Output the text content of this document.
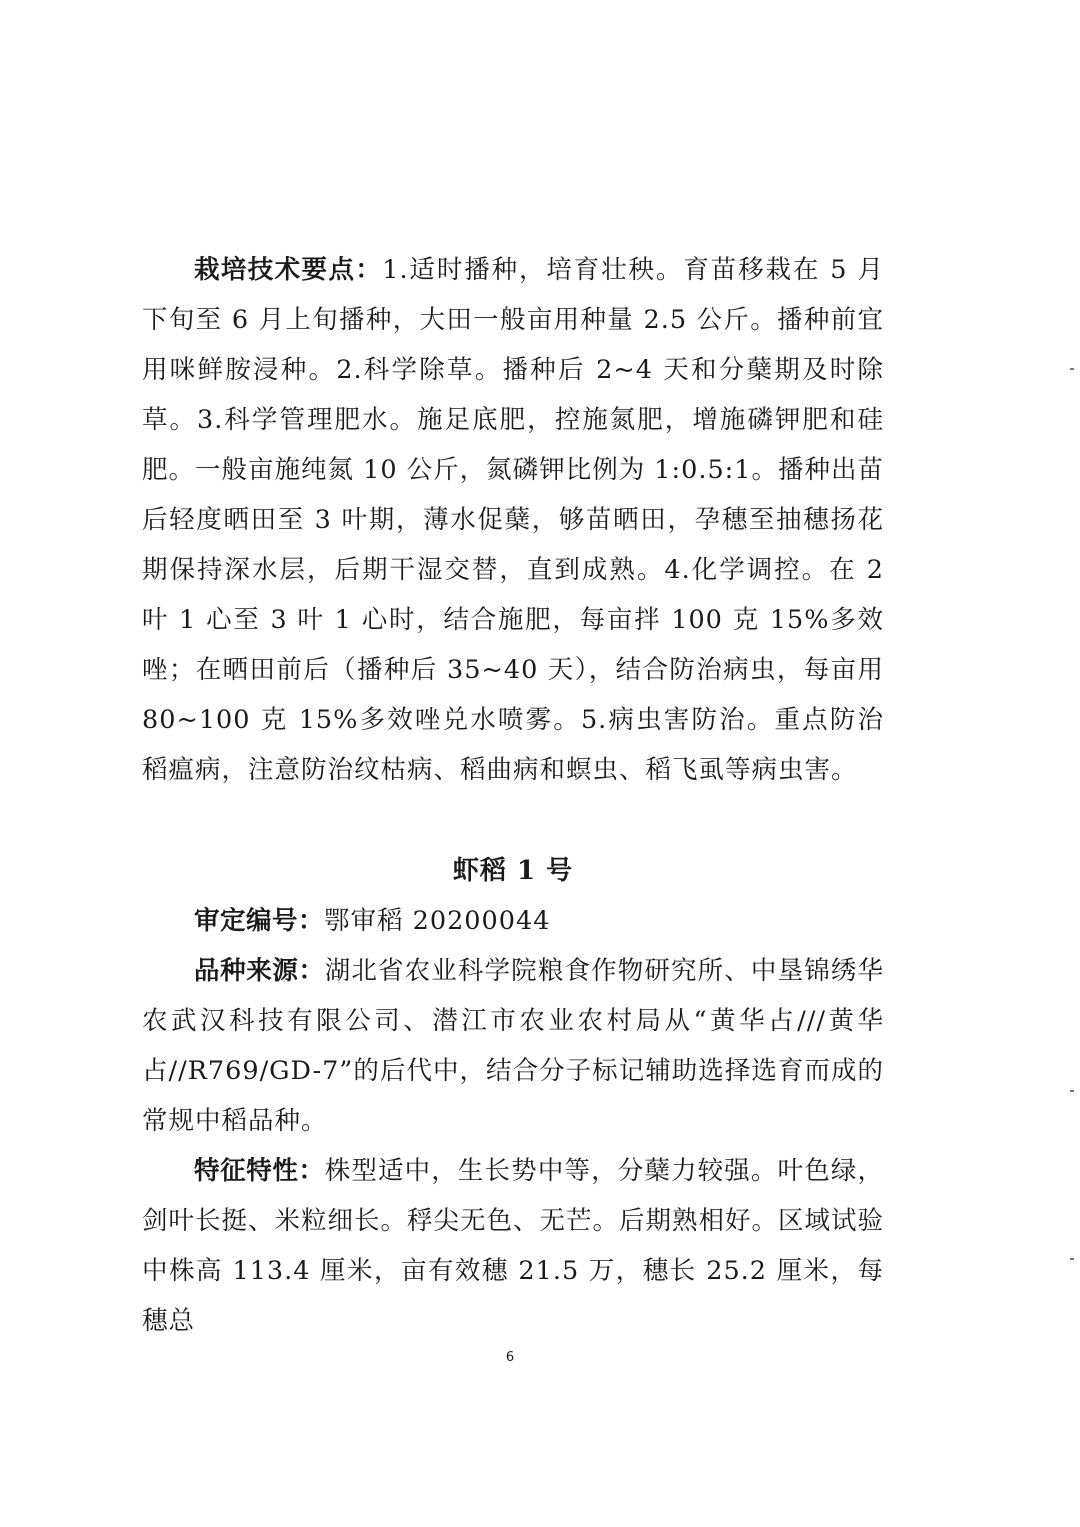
栽培技术要点：1.适时播种，培育壮秧。育苗移栽在 5 月下旬至 6 月上旬播种，大田一般亩用种量 2.5 公斤。播种前宜用咪鲜胺浸种。2.科学除草。播种后 2~4 天和分蘖期及时除草。3.科学管理肥水。施足底肥，控施氮肥，增施磷钾肥和硅肥。一般亩施纯氮 10 公斤，氮磷钾比例为 1:0.5:1。播种出苗后轻度晒田至 3 叶期，薄水促蘖，够苗晒田，孕穗至抽穗扬花期保持深水层，后期干湿交替，直到成熟。4.化学调控。在 2 叶 1 心至 3 叶 1 心时，结合施肥，每亩拌 100 克 15%多效唑；在晒田前后（播种后 35~40 天），结合防治病虫，每亩用 80~100 克 15%多效唑兑水喷雾。5.病虫害防治。重点防治稻瘟病，注意防治纹枯病、稻曲病和螟虫、稻飞虱等病虫害。

虾稻 1 号

审定编号：鄂审稻 20200044

品种来源：湖北省农业科学院粮食作物研究所、中垦锦绣华农武汉科技有限公司、潜江市农业农村局从“黄华占///黄华占//R769/GD-7”的后代中，结合分子标记辅助选择选育而成的常规中稻品种。

特征特性：株型适中，生长势中等，分蘖力较强。叶色绿，剑叶长挺、米粒细长。稃尖无色、无芒。后期熟相好。区域试验中株高 113.4 厘米，亩有效穗 21.5 万，穗长 25.2 厘米，每穗总

6
